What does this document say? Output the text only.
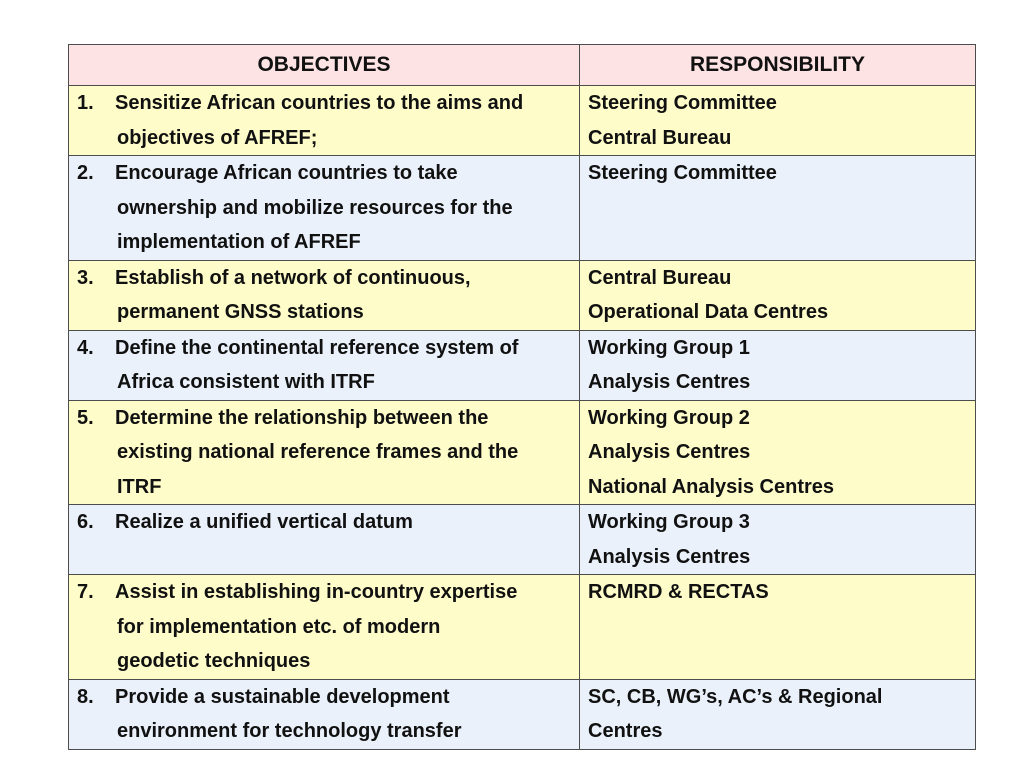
OBJECTIVES	RESPONSIBILITY

1. Sensitize African countries to the aims and
objectives of AFREF;	Steering Committee
Central Bureau

2. Encourage African countries to take
ownership and mobilize resources for the
implementation of AFREF	Steering Committee

3. Establish of a network of continuous,
permanent GNSS stations	Central Bureau
Operational Data Centres

4. Define the continental reference system of
Africa consistent with ITRF	Working Group 1
Analysis Centres

5. Determine the relationship between the
existing national reference frames and the
ITRF	Working Group 2
Analysis Centres
National Analysis Centres

6. Realize a unified vertical datum	Working Group 3
Analysis Centres

7. Assist in establishing in-country expertise
for implementation etc. of modern
geodetic techniques	RCMRD & RECTAS

8. Provide a sustainable development
environment for technology transfer	SC, CB, WG’s, AC’s & Regional
Centres
